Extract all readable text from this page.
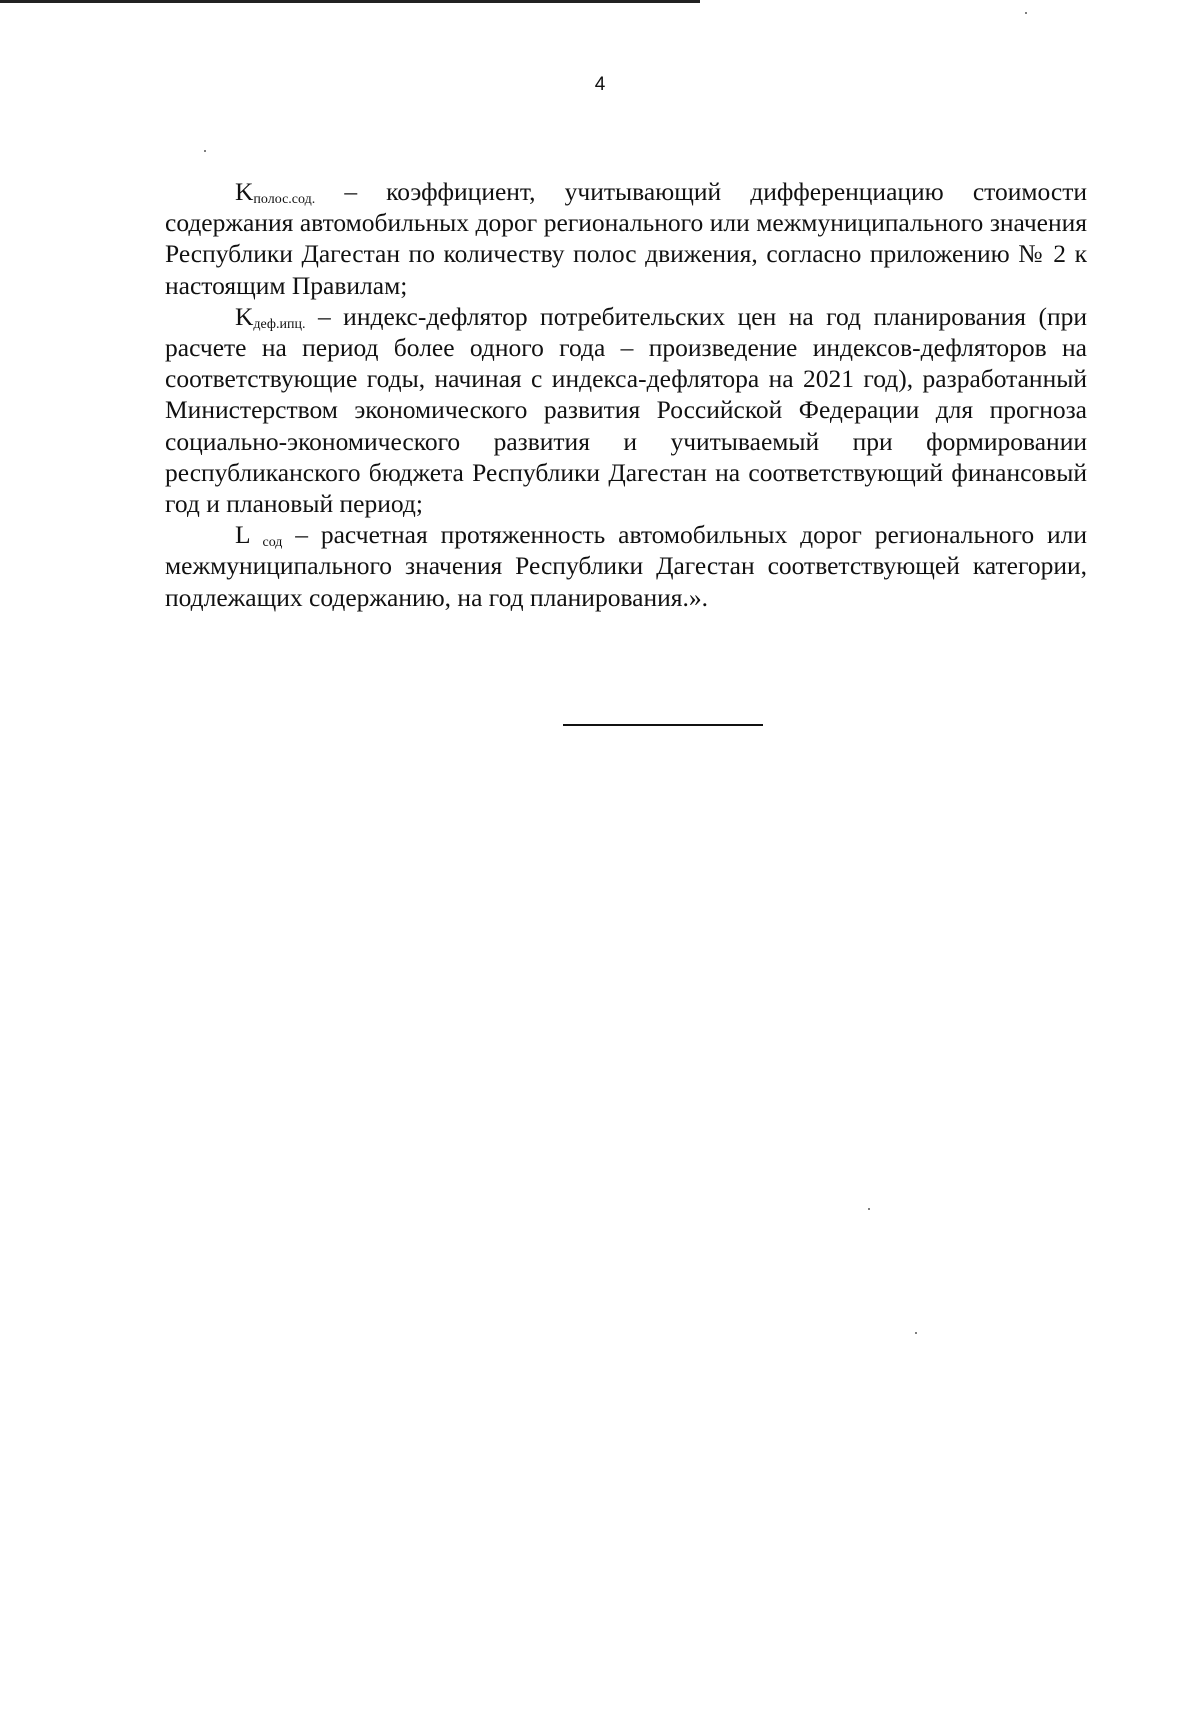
4

$K_{полос.сод.}$ – коэффициент, учитывающий дифференциацию стоимости содержания автомобильных дорог регионального или межмуниципального значения Республики Дагестан по количеству полос движения, согласно приложению № 2 к настоящим Правилам;

$K_{деф.ипц.}$ – индекс-дефлятор потребительских цен на год планирования (при расчете на период более одного года – произведение индексов-дефляторов на соответствующие годы, начиная с индекса-дефлятора на 2021 год), разработанный Министерством экономического развития Российской Федерации для прогноза социально-экономического развития и учитываемый при формировании республиканского бюджета Республики Дагестан на соответствующий финансовый год и плановый период;

L $_{сод}$ – расчетная протяженность автомобильных дорог регионального или межмуниципального значения Республики Дагестан соответствующей категории, подлежащих содержанию, на год планирования.».
